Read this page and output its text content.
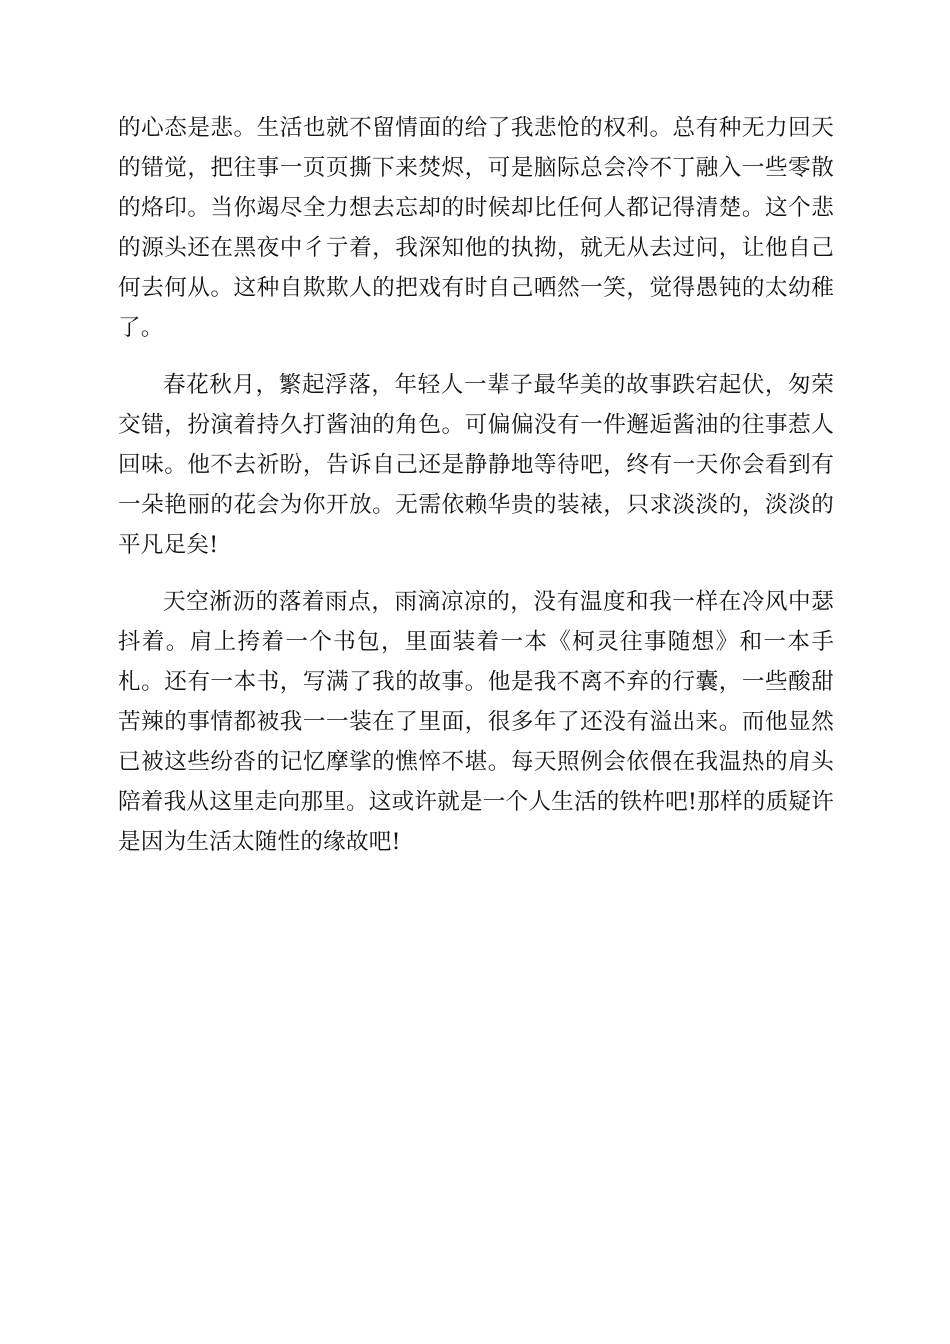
的心态是悲。生活也就不留情面的给了我悲怆的权利。总有种无力回天的错觉，把往事一页页撕下来焚烬，可是脑际总会冷不丁融入一些零散的烙印。当你竭尽全力想去忘却的时候却比任何人都记得清楚。这个悲的源头还在黑夜中彳亍着，我深知他的执拗，就无从去过问，让他自己何去何从。这种自欺欺人的把戏有时自己哂然一笑，觉得愚钝的太幼稚了。

春花秋月，繁起浮落，年轻人一辈子最华美的故事跌宕起伏，匆荣交错，扮演着持久打酱油的角色。可偏偏没有一件邂逅酱油的往事惹人回味。他不去祈盼，告诉自己还是静静地等待吧，终有一天你会看到有一朵艳丽的花会为你开放。无需依赖华贵的装裱，只求淡淡的，淡淡的平凡足矣!

天空淅沥的落着雨点，雨滴凉凉的，没有温度和我一样在冷风中瑟抖着。肩上挎着一个书包，里面装着一本《柯灵往事随想》和一本手札。还有一本书，写满了我的故事。他是我不离不弃的行囊，一些酸甜苦辣的事情都被我一一装在了里面，很多年了还没有溢出来。而他显然已被这些纷沓的记忆摩挲的憔悴不堪。每天照例会依偎在我温热的肩头陪着我从这里走向那里。这或许就是一个人生活的铁杵吧!那样的质疑许是因为生活太随性的缘故吧!
